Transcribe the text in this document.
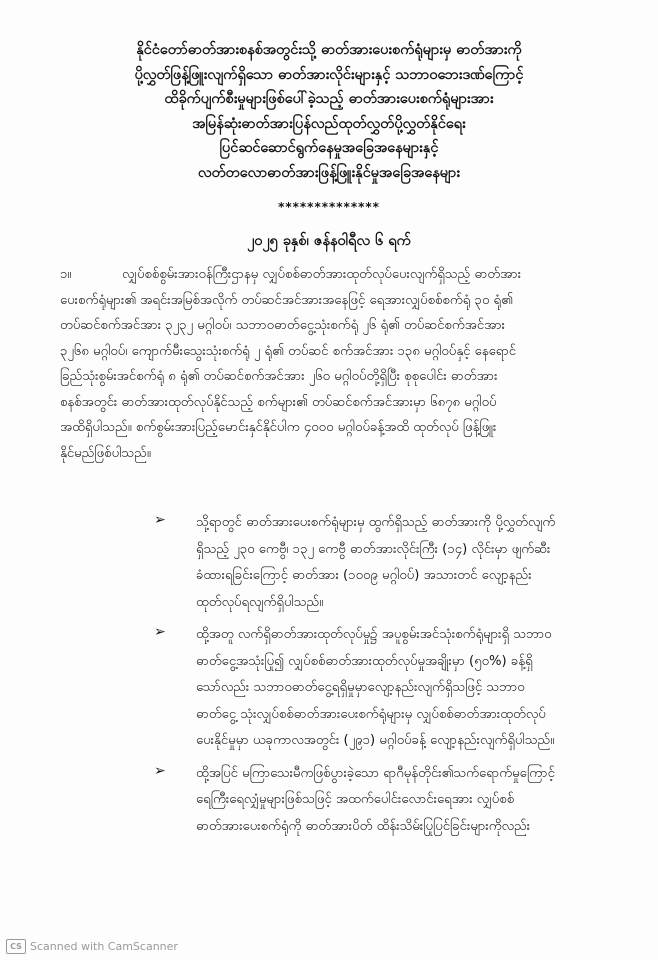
နိုင်ငံတော်ဓာတ်အားစနစ်အတွင်းသို့ ဓာတ်အားပေးစက်ရုံများမှ ဓာတ်အားကို
ပို့လွှတ်ဖြန့်ဖြူးလျက်ရှိသော ဓာတ်အားလိုင်းများနှင့် သဘာဝဘေးဒဏ်ကြောင့်
ထိခိုက်ပျက်စီးမှုများဖြစ်ပေါ်ခဲ့သည့် ဓာတ်အားပေးစက်ရုံများအား
အမြန်ဆုံးဓာတ်အားပြန်လည်ထုတ်လွှတ်ပို့လွှတ်နိုင်ရေး
ပြင်ဆင်ဆောင်ရွက်နေမှုအခြေအနေများနှင့်
လတ်တလောဓာတ်အားဖြန့်ဖြူးနိုင်မှုအခြေအနေများ
**************
၂၀၂၅ ခုနှစ်၊ ဇန်နဝါရီလ ၆ ရက်
၁။	လျှပ်စစ်စွမ်းအားဝန်ကြီးဌာနမှ လျှပ်စစ်ဓာတ်အားထုတ်လုပ်ပေးလျက်ရှိသည့် ဓာတ်အား
ပေးစက်ရုံများ၏ အရင်းအမြစ်အလိုက် တပ်ဆင်အင်အားအနေဖြင့် ရေအားလျှပ်စစ်စက်ရုံ ၃၀ ရုံ၏
တပ်ဆင်စက်အင်အား ၃၂၃၂ မဂ္ဂါဝပ်၊ သဘာဝဓာတ်ငွေ့သုံးစက်ရုံ ၂၆ ရုံ၏ တပ်ဆင်စက်အင်အား
၃၂၆၈ မဂ္ဂါဝပ်၊ ကျောက်မီးသွေးသုံးစက်ရုံ ၂ ရုံ၏ တပ်ဆင် စက်အင်အား ၁၃၈ မဂ္ဂါဝပ်နှင့် နေရောင်
ခြည်သုံးစွမ်းအင်စက်ရုံ ၈ ရုံ၏ တပ်ဆင်စက်အင်အား ၂၆၀ မဂ္ဂါဝပ်တို့ရှိပြီး စုစုပေါင်း ဓာတ်အား
စနစ်အတွင်း ဓာတ်အားထုတ်လုပ်နိုင်သည့် စက်များ၏ တပ်ဆင်စက်အင်အားမှာ ၆၈၇၈ မဂ္ဂါဝပ်
အထိရှိပါသည်။ စက်စွမ်းအားပြည့်မောင်းနှင်နိုင်ပါက ၄၀၀၀ မဂ္ဂါဝပ်ခန့်အထိ ထုတ်လုပ် ဖြန့်ဖြူး
နိုင်မည်ဖြစ်ပါသည်။
➢	သို့ရာတွင် ဓာတ်အားပေးစက်ရုံများမှ ထွက်ရှိသည့် ဓာတ်အားကို ပို့လွှတ်လျက်
ရှိသည့် ၂၃၀ ကေဗွီ၊ ၁၃၂ ကေဗွီ ဓာတ်အားလိုင်းကြီး (၁၄) လိုင်းမှာ ဖျက်ဆီး
ခံထားရခြင်းကြောင့် ဓာတ်အား (၁၀၀၉ မဂ္ဂါဝပ်) အသားတင် လျော့နည်း
ထုတ်လုပ်ရလျက်ရှိပါသည်။
➢	ထို့အတူ လက်ရှိဓာတ်အားထုတ်လုပ်မှု၌ အပူစွမ်းအင်သုံးစက်ရုံများရှိ သဘာဝ
ဓာတ်ငွေ့အသုံးပြု၍ လျှပ်စစ်ဓာတ်အားထုတ်လုပ်မှုအချိုးမှာ (၅၀%) ခန့်ရှိ
သော်လည်း သဘာဝဓာတ်ငွေ့ရရှိမှုမှာလျော့နည်းလျက်ရှိသဖြင့် သဘာဝ
ဓာတ်ငွေ့ သုံးလျှပ်စစ်ဓာတ်အားပေးစက်ရုံများမှ လျှပ်စစ်ဓာတ်အားထုတ်လုပ်
ပေးနိုင်မှုမှာ ယခုကာလအတွင်း (၂၉၁) မဂ္ဂါဝပ်ခန့် လျော့နည်းလျက်ရှိပါသည်။
➢	ထို့အပြင် မကြာသေးမီကဖြစ်ပွားခဲ့သော ရာဂီမုန်တိုင်း၏သက်ရောက်မှုကြောင့်
ရေကြီးရေလျှံမှုများဖြစ်သဖြင့် အထက်ပေါင်းလောင်းရေအား လျှပ်စစ်
ဓာတ်အားပေးစက်ရုံကို ဓာတ်အားပိတ် ထိန်းသိမ်းပြုပြင်ခြင်းများကိုလည်း
CS Scanned with CamScanner
